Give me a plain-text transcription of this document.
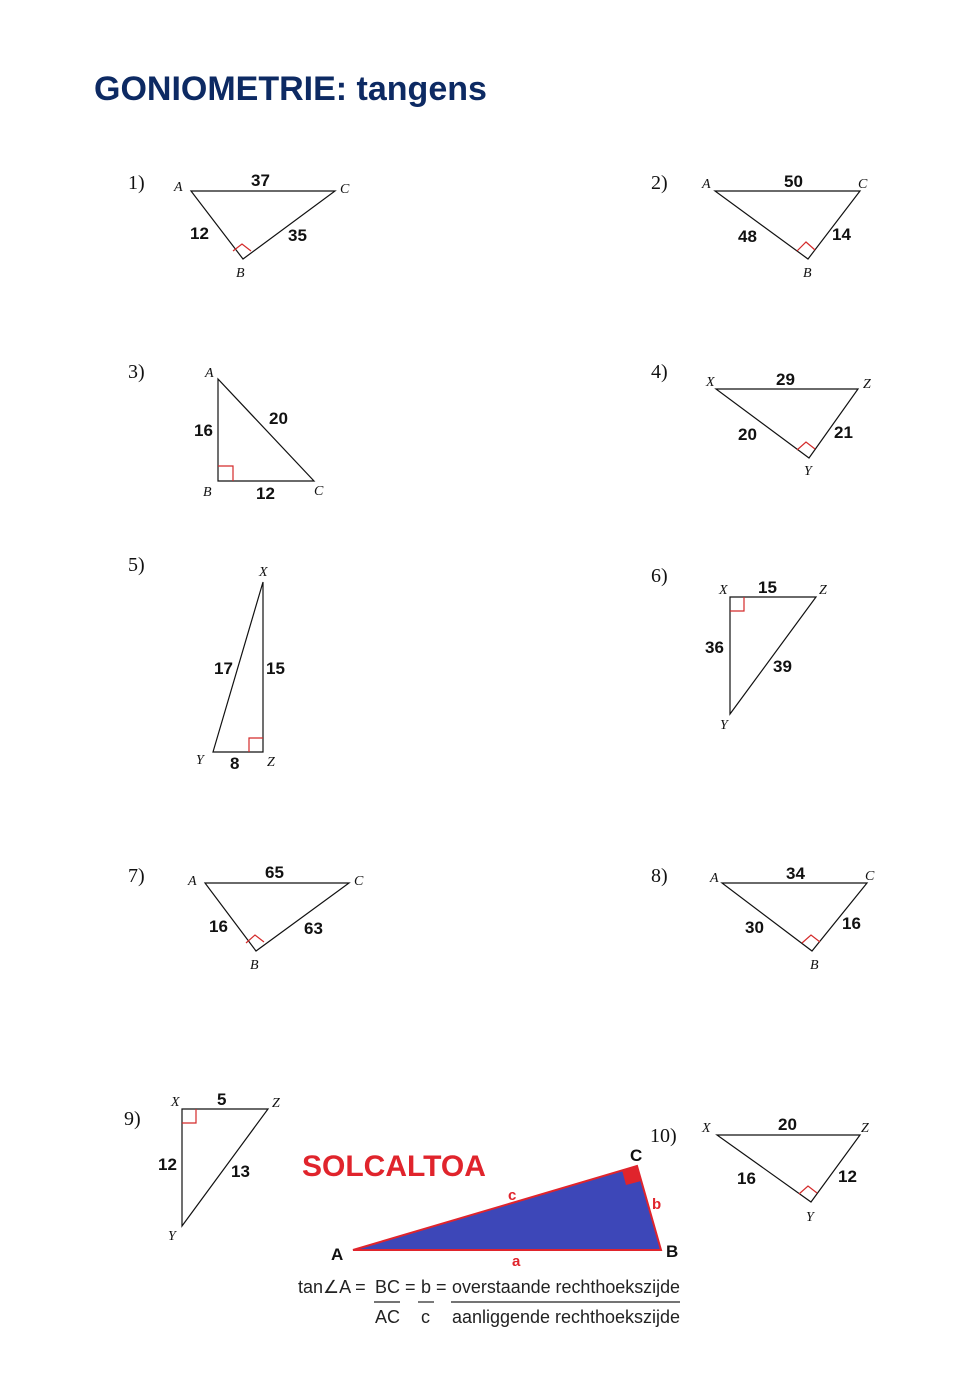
GONIOMETRIE: tangens
1) A
B
C
37
12	35
2) A
B
C
50
48	14
3)	A
B	C
16
20
12
4)	X
Y
Z
29
20	21
5)	X
Y	Z
17 15
8
6)
X
Y
Z
15
36
39
7)	A
B
C
65
16	63
8)	A
B
C
34
30	16
9)
X
Y
Z
5
12	13
10) X
Y
Z
20
16	12
SOLCALTOA
A	B
C
c
b
a
tan∠A = BC
AC
= b
c
= overstaande rechthoekszijde
aanliggende rechthoekszijde
